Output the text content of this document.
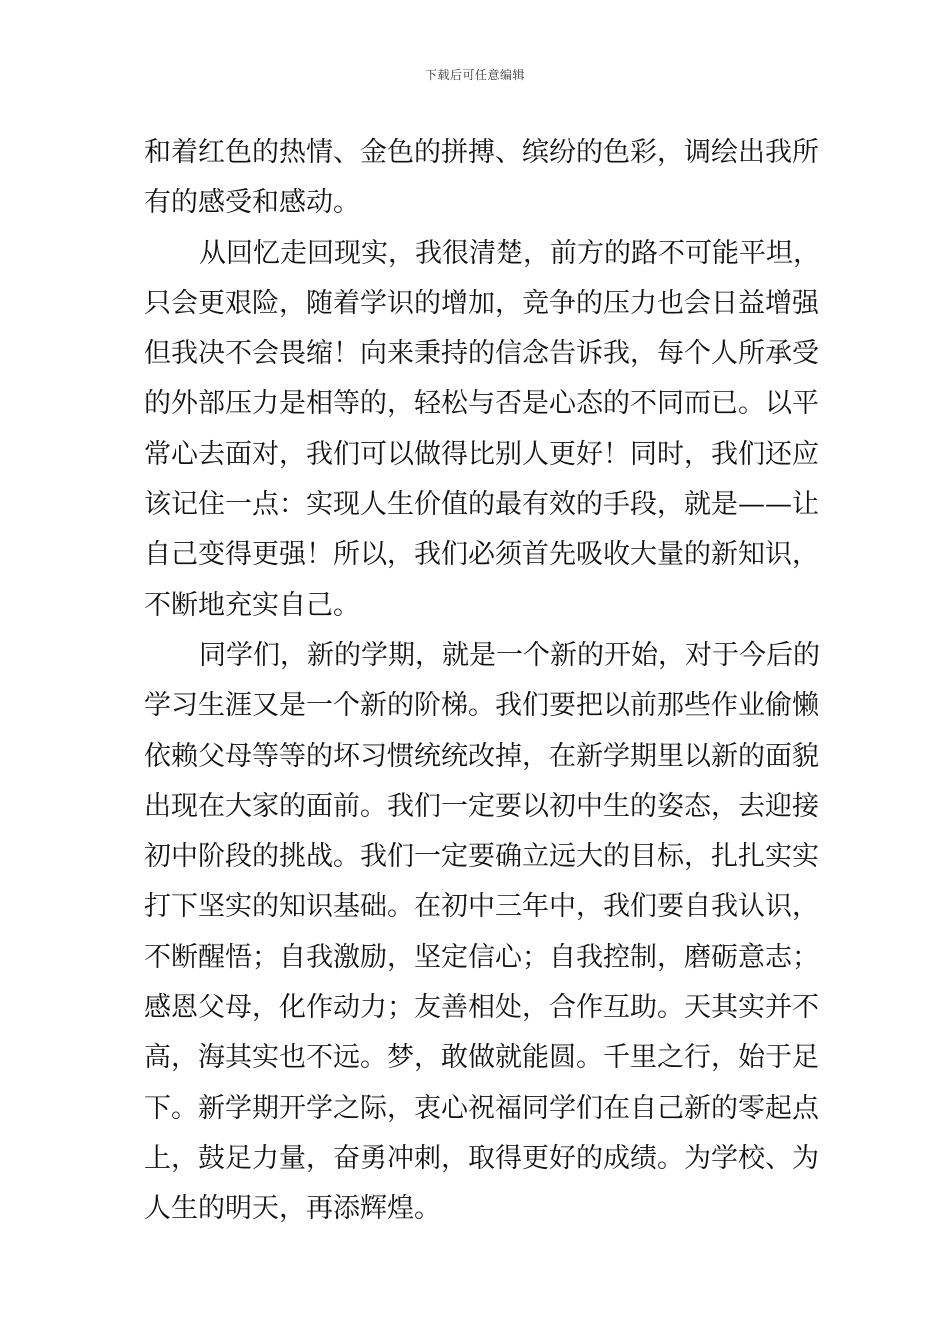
下载后可任意编辑
和着红色的热情、金色的拼搏、缤纷的色彩，调绘出我所
有的感受和感动。
从回忆走回现实，我很清楚，前方的路不可能平坦，
只会更艰险，随着学识的增加，竞争的压力也会日益增强
但我决不会畏缩！向来秉持的信念告诉我，每个人所承受
的外部压力是相等的，轻松与否是心态的不同而已。以平
常心去面对，我们可以做得比别人更好！同时，我们还应
该记住一点：实现人生价值的最有效的手段，就是——让
自己变得更强！所以，我们必须首先吸收大量的新知识，
不断地充实自己。
同学们，新的学期，就是一个新的开始，对于今后的
学习生涯又是一个新的阶梯。我们要把以前那些作业偷懒
依赖父母等等的坏习惯统统改掉，在新学期里以新的面貌
出现在大家的面前。我们一定要以初中生的姿态，去迎接
初中阶段的挑战。我们一定要确立远大的目标，扎扎实实
打下坚实的知识基础。在初中三年中，我们要自我认识，
不断醒悟；自我激励，坚定信心；自我控制，磨砺意志；
感恩父母，化作动力；友善相处，合作互助。天其实并不
高，海其实也不远。梦，敢做就能圆。千里之行，始于足
下。新学期开学之际，衷心祝福同学们在自己新的零起点
上，鼓足力量，奋勇冲刺，取得更好的成绩。为学校、为
人生的明天，再添辉煌。
